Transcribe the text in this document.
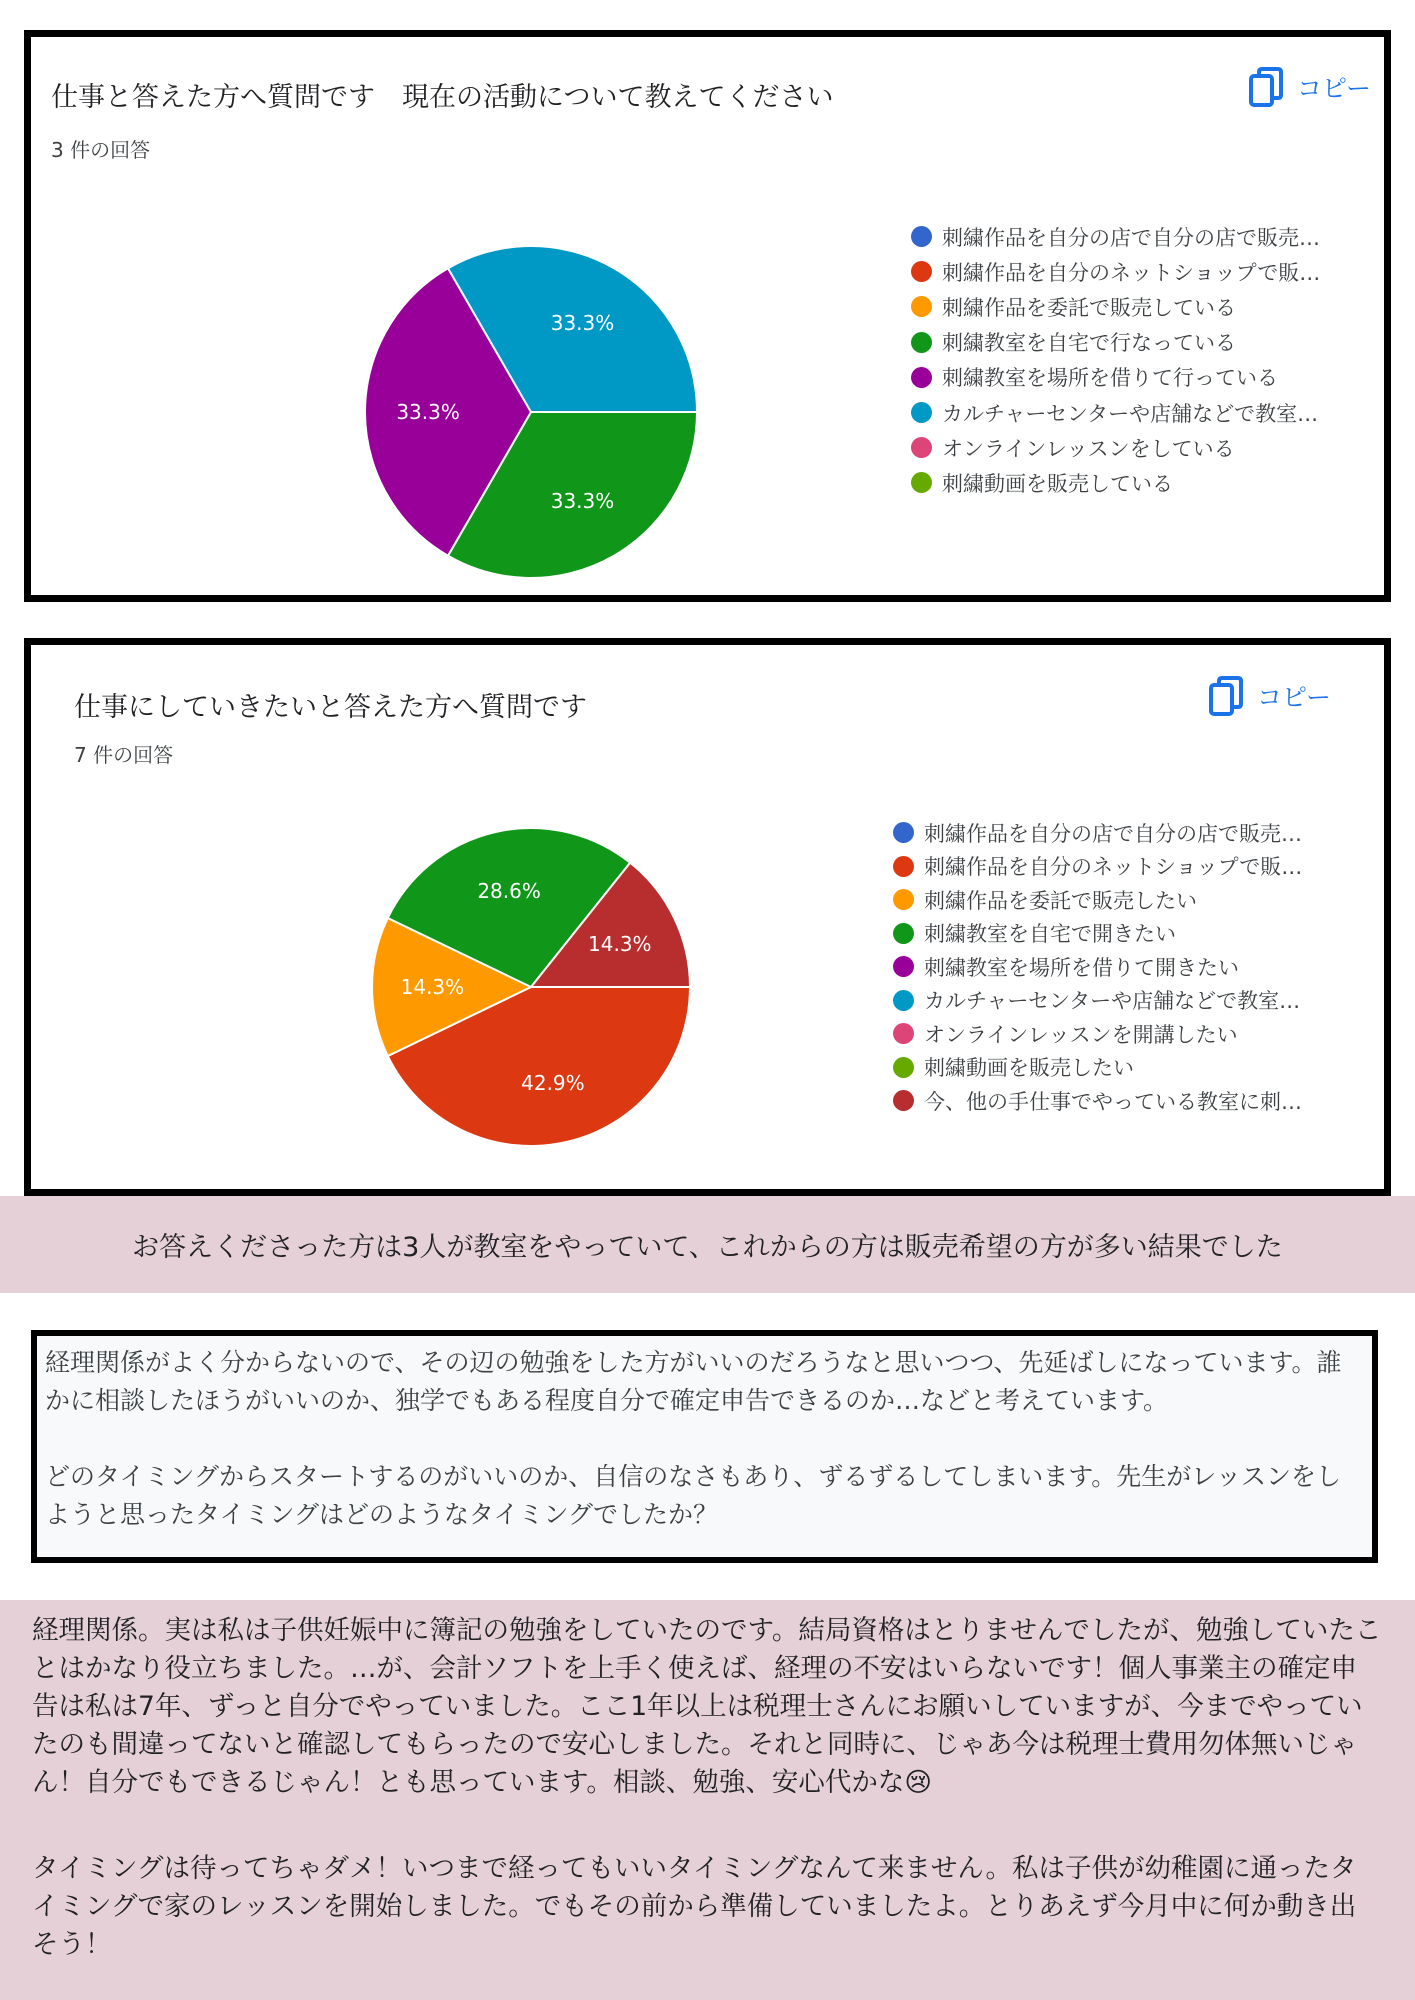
仕事と答えた方へ質問です　現在の活動について教えてください
3 件の回答
コピー
33.3%
33.3%
33.3%
刺繍作品を自分の店で自分の店で販売…
刺繍作品を自分のネットショップで販…
刺繍作品を委託で販売している
刺繍教室を自宅で行なっている
刺繍教室を場所を借りて行っている
カルチャーセンターや店舗などで教室…
オンラインレッスンをしている
刺繍動画を販売している
仕事にしていきたいと答えた方へ質問です
7 件の回答
コピー
42.9%
14.3%
28.6%
14.3%
刺繍作品を自分の店で自分の店で販売…
刺繍作品を自分のネットショップで販…
刺繍作品を委託で販売したい
刺繍教室を自宅で開きたい
刺繍教室を場所を借りて開きたい
カルチャーセンターや店舗などで教室…
オンラインレッスンを開講したい
刺繍動画を販売したい
今、他の手仕事でやっている教室に刺…
お答えくださった方は3人が教室をやっていて、これからの方は販売希望の方が多い結果でした

経理関係がよく分からないので、その辺の勉強をした方がいいのだろうなと思いつつ、先延ばしになっています。誰かに相談したほうがいいのか、独学でもある程度自分で確定申告できるのか…などと考えています。

どのタイミングからスタートするのがいいのか、自信のなさもあり、ずるずるしてしまいます。先生がレッスンをしようと思ったタイミングはどのようなタイミングでしたか？

経理関係。実は私は子供妊娠中に簿記の勉強をしていたのです。結局資格はとりませんでしたが、勉強していたことはかなり役立ちました。…が、会計ソフトを上手く使えば、経理の不安はいらないです！個人事業主の確定申告は私は7年、ずっと自分でやっていました。ここ1年以上は税理士さんにお願いしていますが、今までやっていたのも間違ってないと確認してもらったので安心しました。それと同時に、じゃあ今は税理士費用勿体無いじゃん！自分でもできるじゃん！とも思っています。相談、勉強、安心代かな😢

タイミングは待ってちゃダメ！いつまで経ってもいいタイミングなんて来ません。私は子供が幼稚園に通ったタイミングで家のレッスンを開始しました。でもその前から準備していましたよ。とりあえず今月中に何か動き出そう！
